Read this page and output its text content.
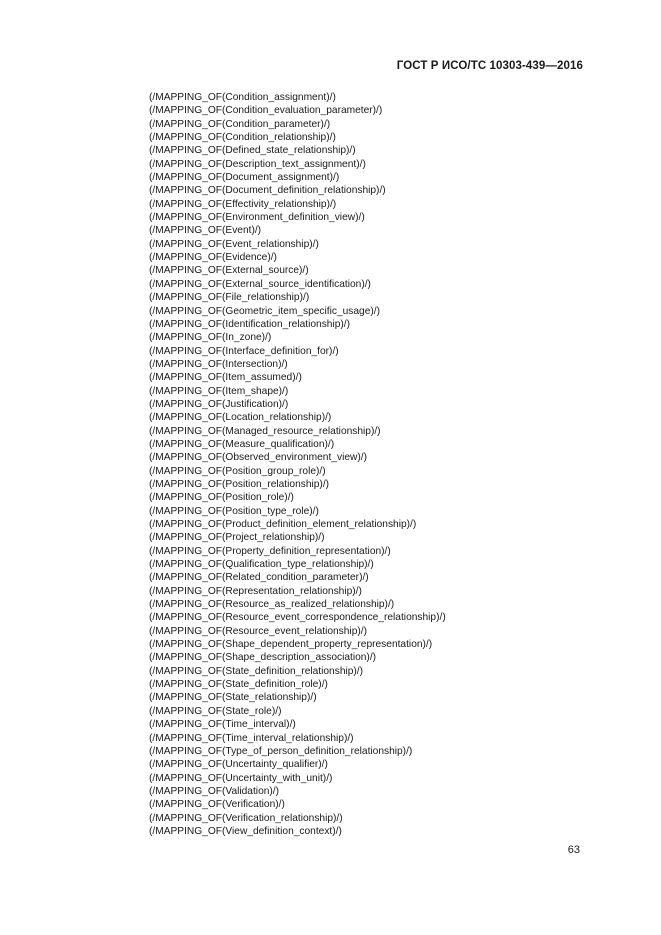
ГОСТ Р ИСО/ТС 10303-439—2016
(/MAPPING_OF(Condition_assignment)/)
(/MAPPING_OF(Condition_evaluation_parameter)/)
(/MAPPING_OF(Condition_parameter)/)
(/MAPPING_OF(Condition_relationship)/)
(/MAPPING_OF(Defined_state_relationship)/)
(/MAPPING_OF(Description_text_assignment)/)
(/MAPPING_OF(Document_assignment)/)
(/MAPPING_OF(Document_definition_relationship)/)
(/MAPPING_OF(Effectivity_relationship)/)
(/MAPPING_OF(Environment_definition_view)/)
(/MAPPING_OF(Event)/)
(/MAPPING_OF(Event_relationship)/)
(/MAPPING_OF(Evidence)/)
(/MAPPING_OF(External_source)/)
(/MAPPING_OF(External_source_identification)/)
(/MAPPING_OF(File_relationship)/)
(/MAPPING_OF(Geometric_item_specific_usage)/)
(/MAPPING_OF(Identification_relationship)/)
(/MAPPING_OF(In_zone)/)
(/MAPPING_OF(Interface_definition_for)/)
(/MAPPING_OF(Intersection)/)
(/MAPPING_OF(Item_assumed)/)
(/MAPPING_OF(Item_shape)/)
(/MAPPING_OF(Justification)/)
(/MAPPING_OF(Location_relationship)/)
(/MAPPING_OF(Managed_resource_relationship)/)
(/MAPPING_OF(Measure_qualification)/)
(/MAPPING_OF(Observed_environment_view)/)
(/MAPPING_OF(Position_group_role)/)
(/MAPPING_OF(Position_relationship)/)
(/MAPPING_OF(Position_role)/)
(/MAPPING_OF(Position_type_role)/)
(/MAPPING_OF(Product_definition_element_relationship)/)
(/MAPPING_OF(Project_relationship)/)
(/MAPPING_OF(Property_definition_representation)/)
(/MAPPING_OF(Qualification_type_relationship)/)
(/MAPPING_OF(Related_condition_parameter)/)
(/MAPPING_OF(Representation_relationship)/)
(/MAPPING_OF(Resource_as_realized_relationship)/)
(/MAPPING_OF(Resource_event_correspondence_relationship)/)
(/MAPPING_OF(Resource_event_relationship)/)
(/MAPPING_OF(Shape_dependent_property_representation)/)
(/MAPPING_OF(Shape_description_association)/)
(/MAPPING_OF(State_definition_relationship)/)
(/MAPPING_OF(State_definition_role)/)
(/MAPPING_OF(State_relationship)/)
(/MAPPING_OF(State_role)/)
(/MAPPING_OF(Time_interval)/)
(/MAPPING_OF(Time_interval_relationship)/)
(/MAPPING_OF(Type_of_person_definition_relationship)/)
(/MAPPING_OF(Uncertainty_qualifier)/)
(/MAPPING_OF(Uncertainty_with_unit)/)
(/MAPPING_OF(Validation)/)
(/MAPPING_OF(Verification)/)
(/MAPPING_OF(Verification_relationship)/)
(/MAPPING_OF(View_definition_context)/)
63
